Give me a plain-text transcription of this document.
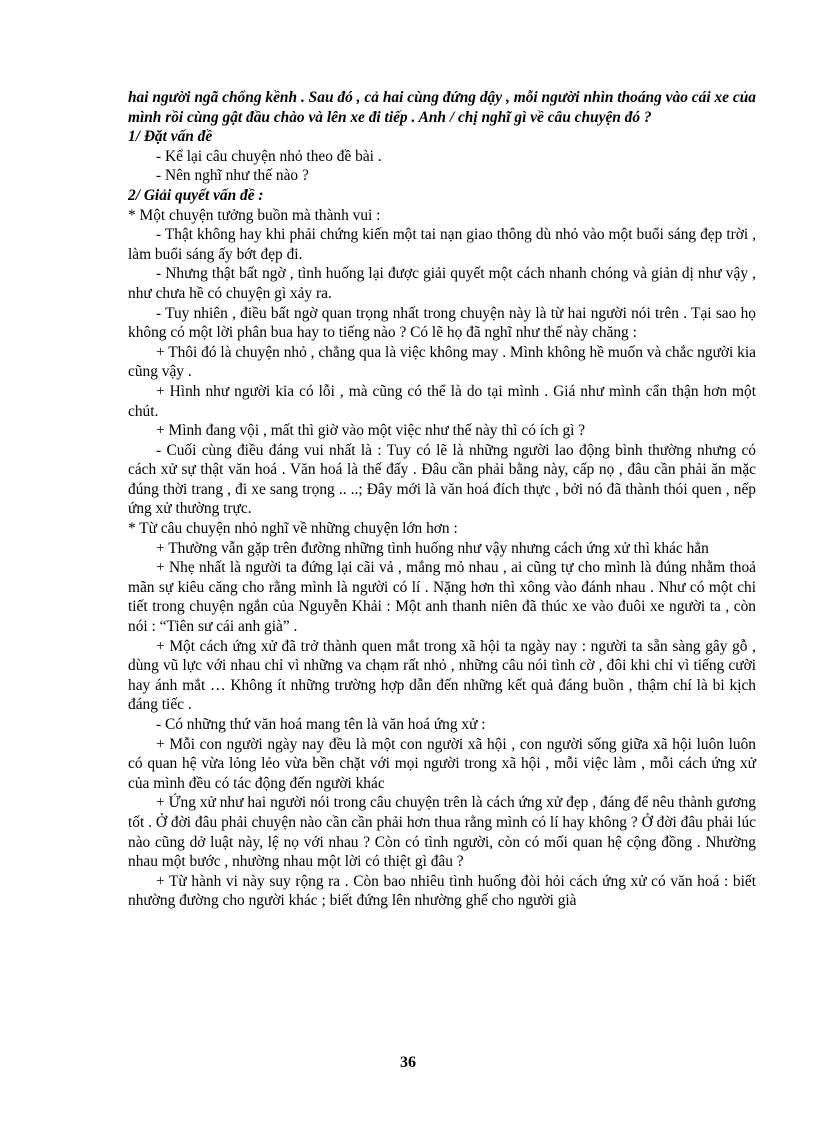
hai người ngã chổng kềnh . Sau đó , cả hai cùng đứng dậy , mỗi người nhìn thoáng vào cái xe của mình rồi cùng gật đầu chào và lên xe đi tiếp . Anh / chị nghĩ gì về câu chuyện đó ?

1/ Đặt vấn đề

- Kể lại câu chuyện nhỏ theo đề bài .

- Nên nghĩ như thế nào ?

2/ Giải quyết vấn đề :

* Một chuyện tưởng buồn mà thành vui :

- Thật không hay khi phải chứng kiến một tai nạn giao thông dù nhỏ vào một buổi sáng đẹp trời , làm buổi sáng ấy bớt đẹp đi.

- Nhưng thật bất ngờ , tình huống lại được giải quyết một cách nhanh chóng và giản dị như vậy , như chưa hề có chuyện gì xảy ra.

- Tuy nhiên , điều bất ngờ quan trọng nhất trong chuyện này là từ hai người nói trên . Tại sao họ không có một lời phân bua hay to tiếng nào ? Có lẽ họ đã nghĩ như thế này chăng :

+ Thôi đó là chuyện nhỏ , chẳng qua là việc không may . Mình không hề muốn và chắc người kia cũng vậy .

+ Hình như người kia có lỗi , mà cũng có thể là do tại mình . Giá như mình cẩn thận hơn một chút.

+ Mình đang vội , mất thì giờ vào một việc như thế này thì có ích gì ?

- Cuối cùng điều đáng vui nhất là : Tuy có lẽ là những người lao động bình thường nhưng có cách xử sự thật văn hoá . Văn hoá là thế đấy . Đâu cần phải bằng này, cấp nọ , đâu cần phải ăn mặc đúng thời trang , đi xe sang trọng .. ..; Đây mới là văn hoá đích thực , bởi nó đã thành thói quen , nếp ứng xử thường trực.

* Từ câu chuyện nhỏ nghĩ về những chuyện lớn hơn :

+ Thường vẫn gặp trên đường những tình huống như vậy nhưng cách ứng xử thì khác hẳn

+ Nhẹ nhất là người ta đứng lại cãi vả , mắng mỏ nhau , ai cũng tự cho mình là đúng nhằm thoả mãn sự kiêu căng cho rằng mình là người có lí . Nặng hơn thì xông vào đánh nhau . Như có một chi tiết trong chuyện ngắn của Nguyễn Khải : Một anh thanh niên đã thúc xe vào đuôi xe người ta , còn nói : “Tiên sư cái anh già” .

+ Một cách ứng xử đã trở thành quen mắt trong xã hội ta ngày nay : người ta sẵn sàng gây gỗ , dùng vũ lực với nhau chỉ vì những va chạm rất nhỏ , những câu nói tình cờ , đôi khi chỉ vì tiếng cười hay ánh mắt … Không ít những trường hợp dẫn đến những kết quả đáng buồn , thậm chí là bi kịch đáng tiếc .

- Có những thứ văn hoá mang tên là văn hoá ứng xử :

+ Mỗi con người ngày nay đều là một con người xã hội , con người sống giữa xã hội luôn luôn có quan hệ vừa lỏng lẻo vừa bền chặt với mọi người trong xã hội , mỗi việc làm , mỗi cách ứng xử của mình đều có tác động đến người khác

+ Ứng xử như hai người nói trong câu chuyện trên là cách ứng xử đẹp , đáng để nêu thành gương tốt . Ở đời đâu phải chuyện nào cần cần phải hơn thua rằng mình có lí hay không ? Ở đời đâu phải lúc nào cũng dở luật này, lệ nọ với nhau ? Còn có tình người, còn có mối quan hệ cộng đồng . Nhường nhau một bước , nhường nhau một lời có thiệt gì đâu ?

+ Từ hành vi này suy rộng ra . Còn bao nhiêu tình huống đòi hỏi cách ứng xử có văn hoá : biết nhường đường cho người khác ; biết đứng lên nhường ghế cho người già

36
